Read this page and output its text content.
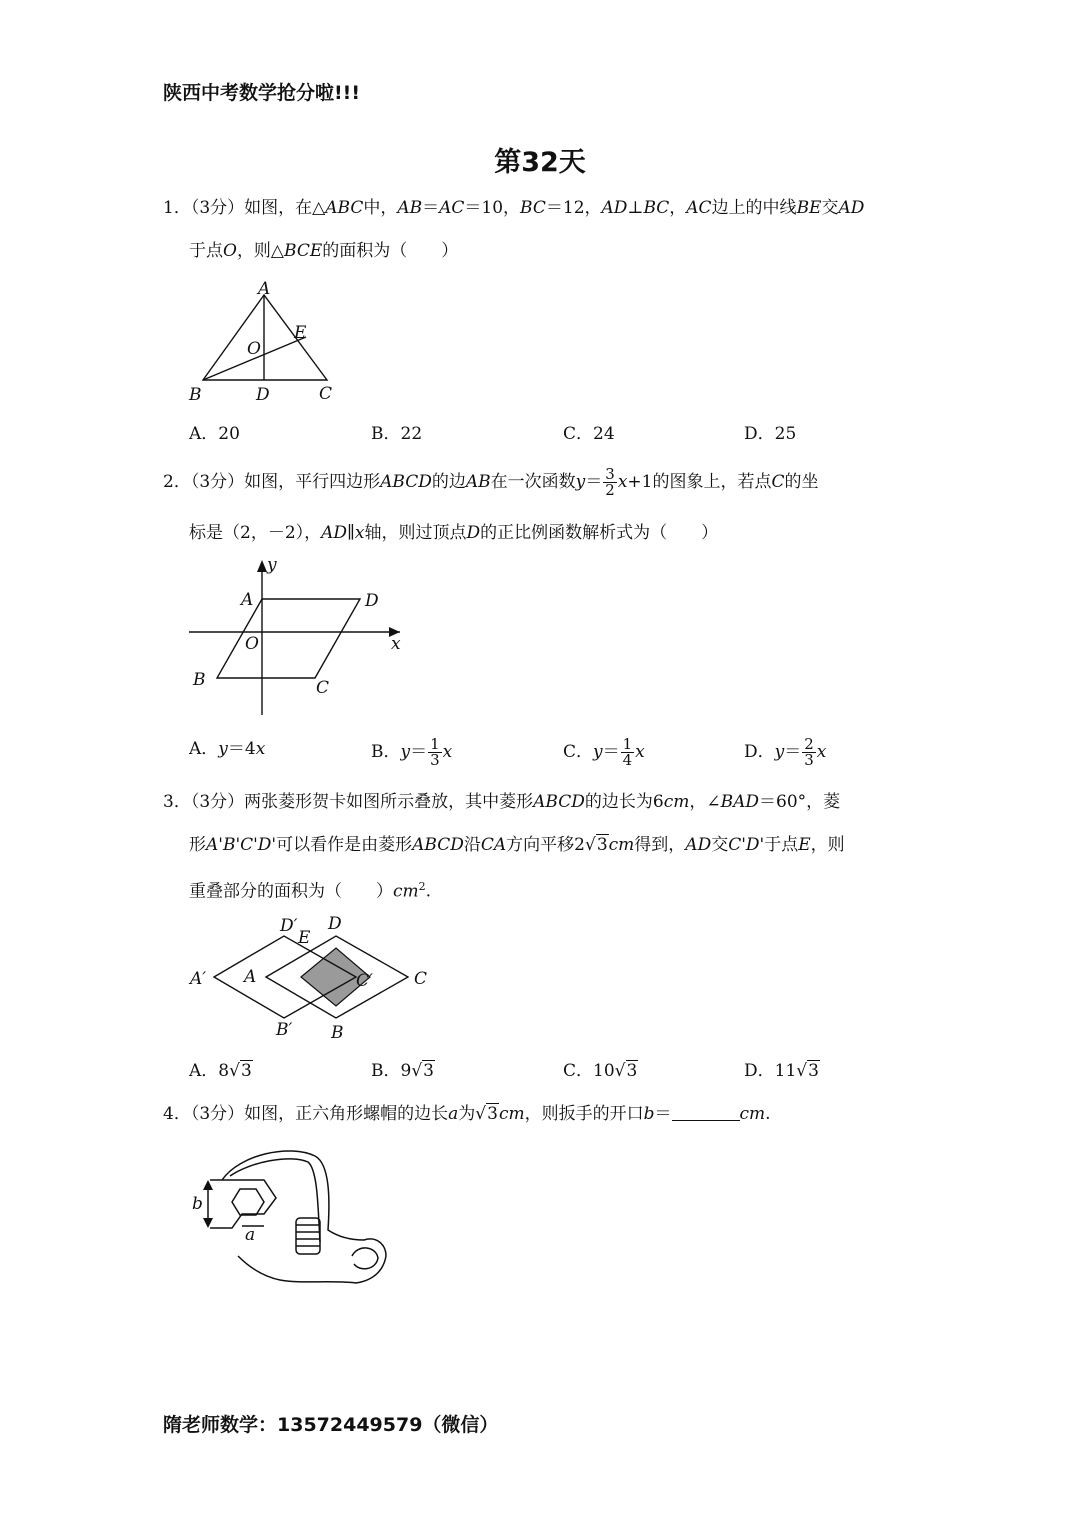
陕西中考数学抢分啦!!!
第32天
1．（3分）如图，在△ABC中，AB＝AC＝10，BC＝12，AD⊥BC，AC边上的中线BE交AD
于点O，则△BCE的面积为（　　）
A
B	D	C
E
O
A．20	B．22	C．24	D．25
2．（3分）如图，平行四边形ABCD的边AB在一次函数$y= \frac{3}{2} x+1$的图象上，若点C的坐
标是（2，－2），AD∥x轴，则过顶点D的正比例函数解析式为（　　）
y
x
A	D
O
B	C
A．y＝4x	B．$y= \frac{1}{3}$ x	C．$y= \frac{1}{4}$ x	D．$y= \frac{2}{3}$ x
3．（3分）两张菱形贺卡如图所示叠放，其中菱形ABCD的边长为6cm，∠BAD＝60°，菱
形A'B'C'D'可以看作是由菱形ABCD沿CA方向平移2√3cm得到，AD交C'D'于点E，则
重叠部分的面积为（　　）$cm^2$.
D′ D
E
A′ A	C′ C
B′ B
A．8√3	B．9√3	C．10√3	D．11√3
4．（3分）如图，正六角形螺帽的边长a为√3cm，则扳手的开口b＝	cm.
b
a
隋老师数学：13572449579（微信）
